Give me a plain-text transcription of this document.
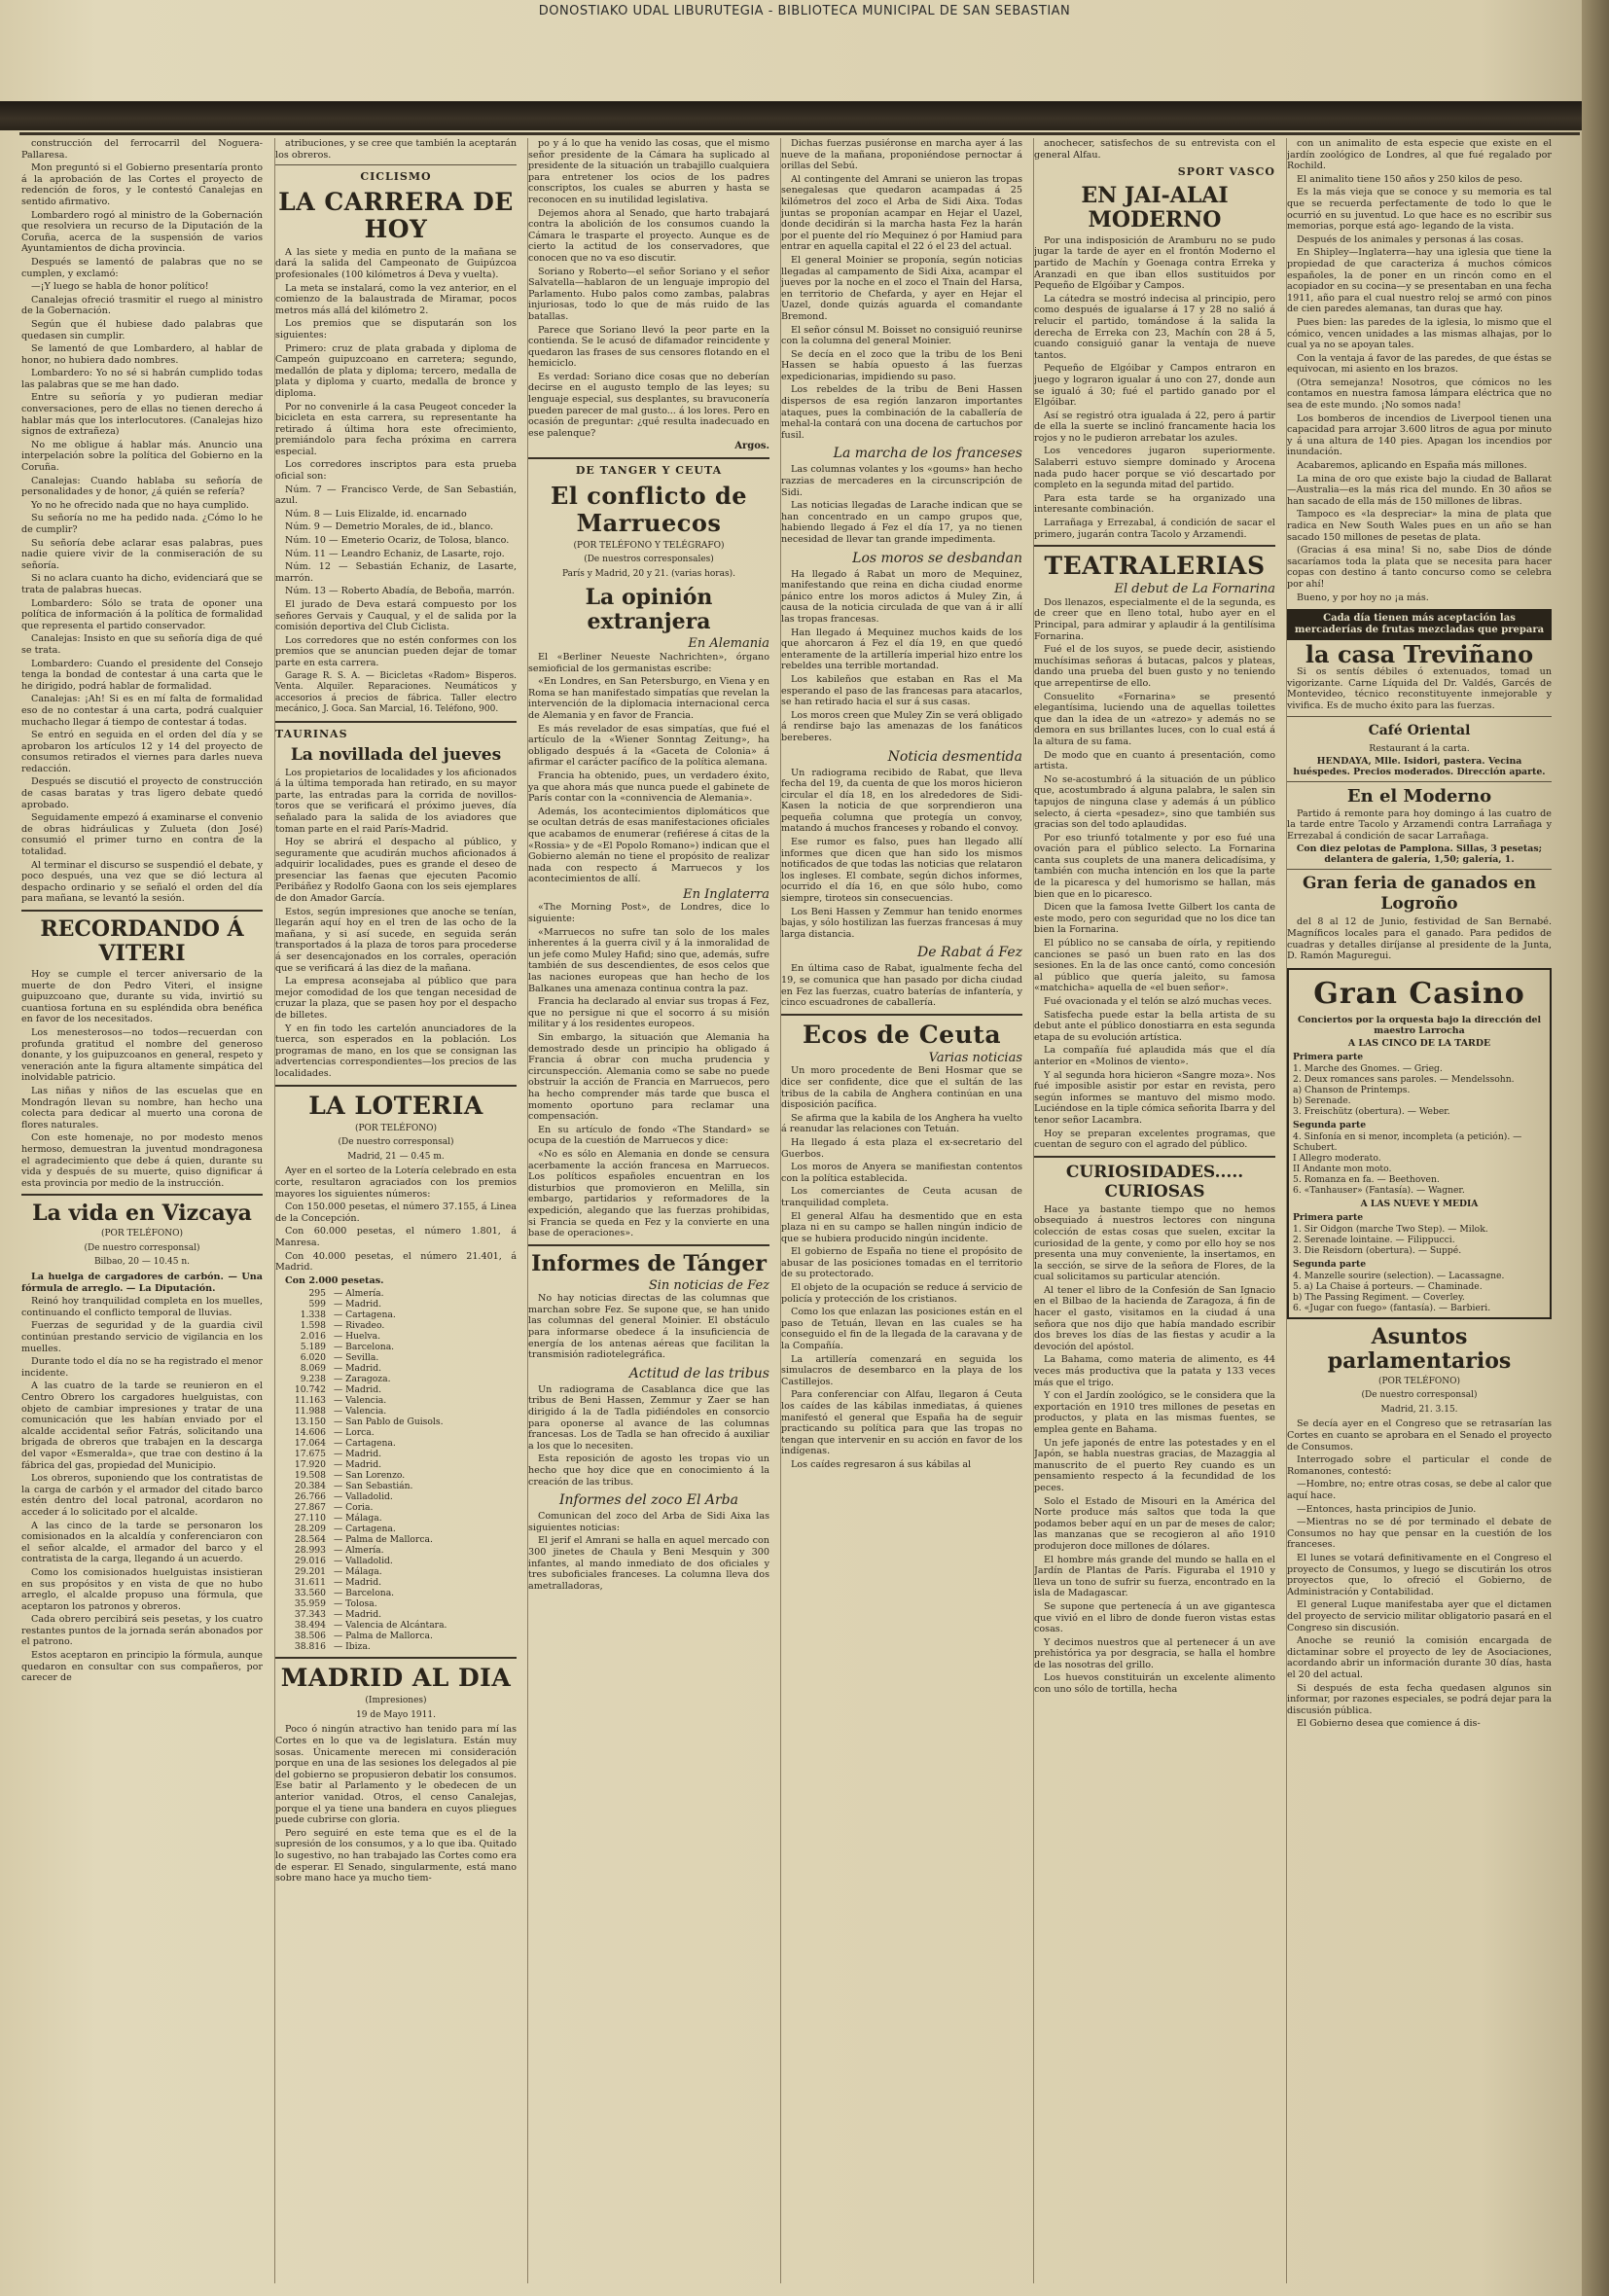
DONOSTIAKO UDAL LIBURUTEGIA - BIBLIOTECA MUNICIPAL DE SAN SEBASTIAN

construcción del ferrocarril del Noguera-Pallaresa.

Mon preguntó si el Gobierno presentaría pronto á la aprobación de las Cortes el proyecto de redención de foros, y le contestó Canalejas en sentido afirmativo.

Lombardero rogó al ministro de la Gobernación que resolviera un recurso de la Diputación de la Coruña, acerca de la suspensión de varios Ayuntamientos de dicha provincia.

Después se lamentó de palabras que no se cumplen, y exclamó:

—¡Y luego se habla de honor político!

Canalejas ofreció trasmitir el ruego al ministro de la Gobernación.

Según que él hubiese dado palabras que quedasen sin cumplir.

Se lamentó de que Lombardero, al hablar de honor, no hubiera dado nombres.

Lombardero: Yo no sé si habrán cumplido todas las palabras que se me han dado.

Entre su señoría y yo pudieran mediar conversaciones, pero de ellas no tienen derecho á hablar más que los interlocutores. (Canalejas hizo signos de extrañeza)

No me obligue á hablar más. Anuncio una interpelación sobre la política del Gobierno en la Coruña.

Canalejas: Cuando hablaba su señoría de personalidades y de honor, ¿á quién se refería?

Yo no he ofrecido nada que no haya cumplido.

Su señoría no me ha pedido nada. ¿Cómo lo he de cumplir?

Su señoría debe aclarar esas palabras, pues nadie quiere vivir de la conmiseración de su señoría.

Si no aclara cuanto ha dicho, evidenciará que se trata de palabras huecas.

Lombardero: Sólo se trata de oponer una política de información á la política de formalidad que representa el partido conservador.

Canalejas: Insisto en que su señoría diga de qué se trata.

Lombardero: Cuando el presidente del Consejo tenga la bondad de contestar á una carta que le he dirigido, podrá hablar de formalidad.

Canalejas: ¡Ah! Si es en mí falta de formalidad eso de no contestar á una carta, podrá cualquier muchacho llegar á tiempo de contestar á todas.

Se entró en seguida en el orden del día y se aprobaron los artículos 12 y 14 del proyecto de consumos retirados el viernes para darles nueva redacción.

Después se discutió el proyecto de construcción de casas baratas y tras ligero debate quedó aprobado.

Seguidamente empezó á examinarse el convenio de obras hidráulicas y Zulueta (don José) consumió el primer turno en contra de la totalidad.

Al terminar el discurso se suspendió el debate, y poco después, una vez que se dió lectura al despacho ordinario y se señaló el orden del día para mañana, se levantó la sesión.

RECORDANDO Á VITERI

Hoy se cumple el tercer aniversario de la muerte de don Pedro Viteri, el insigne guipuzcoano que, durante su vida, invirtió su cuantiosa fortuna en su espléndida obra benéfica en favor de los necesitados.

Los menesterosos—no todos—recuerdan con profunda gratitud el nombre del generoso donante, y los guipuzcoanos en general, respeto y veneración ante la figura altamente simpática del inolvidable patricio.

Las niñas y niños de las escuelas que en Mondragón llevan su nombre, han hecho una colecta para dedicar al muerto una corona de flores naturales.

Con este homenaje, no por modesto menos hermoso, demuestran la juventud mondragonesa el agradecimiento que debe á quien, durante su vida y después de su muerte, quiso dignificar á esta provincia por medio de la instrucción.

La vida en Vizcaya
(POR TELÉFONO)
(De nuestro corresponsal)
Bilbao, 20 — 10.45 n.

La huelga de cargadores de carbón. — Una fórmula de arreglo. — La Diputación.

Reinó hoy tranquilidad completa en los muelles, continuando el conflicto temporal de lluvias.

Fuerzas de seguridad y de la guardia civil continúan prestando servicio de vigilancia en los muelles.

Durante todo el día no se ha registrado el menor incidente.

A las cuatro de la tarde se reunieron en el Centro Obrero los cargadores huelguistas, con objeto de cambiar impresiones y tratar de una comunicación que les habían enviado por el alcalde accidental señor Fatrás, solicitando una brigada de obreros que trabajen en la descarga del vapor «Esmeralda», que trae con destino á la fábrica del gas, propiedad del Municipio.

Los obreros, suponiendo que los contratistas de la carga de carbón y el armador del citado barco estén dentro del local patronal, acordaron no acceder á lo solicitado por el alcalde.

A las cinco de la tarde se personaron los comisionados en la alcaldía y conferenciaron con el señor alcalde, el armador del barco y el contratista de la carga, llegando á un acuerdo.

Como los comisionados huelguistas insistieran en sus propósitos y en vista de que no hubo arreglo, el alcalde propuso una fórmula, que aceptaron los patronos y obreros.

Cada obrero percibirá seis pesetas, y los cuatro restantes puntos de la jornada serán abonados por el patrono.

Estos aceptaron en principio la fórmula, aunque quedaron en consultar con sus compañeros, por carecer de

atribuciones, y se cree que también la aceptarán los obreros.

CICLISMO
LA CARRERA DE HOY

A las siete y media en punto de la mañana se dará la salida del Campeonato de Guipúzcoa profesionales (100 kilómetros á Deva y vuelta).

La meta se instalará, como la vez anterior, en el comienzo de la balaustrada de Miramar, pocos metros más allá del kilómetro 2.

Los premios que se disputarán son los siguientes:

Primero: cruz de plata grabada y diploma de Campeón guipuzcoano en carretera; segundo, medallón de plata y diploma; tercero, medalla de plata y diploma y cuarto, medalla de bronce y diploma.

Por no convenirle á la casa Peugeot conceder la bicicleta en esta carrera, su representante ha retirado á última hora este ofrecimiento, premiándolo para fecha próxima en carrera especial.

Los corredores inscriptos para esta prueba oficial son:

Núm. 7 — Francisco Verde, de San Sebastián, azul.

Núm. 8 — Luis Elizalde, id. encarnado

Núm. 9 — Demetrio Morales, de id., blanco.

Núm. 10 — Emeterio Ocariz, de Tolosa, blanco.

Núm. 11 — Leandro Echaniz, de Lasarte, rojo.

Núm. 12 — Sebastián Echaniz, de Lasarte, marrón.

Núm. 13 — Roberto Abadía, de Beboña, marrón.

El jurado de Deva estará compuesto por los señores Gervais y Cauqual, y el de salida por la comisión deportiva del Club Ciclista.

Los corredores que no estén conformes con los premios que se anuncian pueden dejar de tomar parte en esta carrera.

Garage R. S. A. — Bicicletas «Radom» Bisperos. Venta. Alquiler. Reparaciones. Neumáticos y accesorios á precios de fábrica. Taller electro mecánico, J. Goca. San Marcial, 16. Teléfono, 900.

TAURINAS
La novillada del jueves

Los propietarios de localidades y los aficionados á la última temporada han retirado, en su mayor parte, las entradas para la corrida de novillos-toros que se verificará el próximo jueves, día señalado para la salida de los aviadores que toman parte en el raid París-Madrid.

Hoy se abrirá el despacho al público, y seguramente que acudirán muchos aficionados á adquirir localidades, pues es grande el deseo de presenciar las faenas que ejecuten Pacomio Peribáñez y Rodolfo Gaona con los seis ejemplares de don Amador García.

Estos, según impresiones que anoche se tenían, llegarán aquí hoy en el tren de las ocho de la mañana, y si así sucede, en seguida serán transportados á la plaza de toros para procederse á ser desencajonados en los corrales, operación que se verificará á las diez de la mañana.

La empresa aconsejaba al público que para mejor comodidad de los que tengan necesidad de cruzar la plaza, que se pasen hoy por el despacho de billetes.

Y en fin todo les cartelón anunciadores de la tuerca, son esperados en la población. Los programas de mano, en los que se consignan las advertencias correspondientes—los precios de las localidades.

LA LOTERIA
(POR TELÉFONO)
(De nuestro corresponsal)
Madrid, 21 — 0.45 m.

Ayer en el sorteo de la Lotería celebrado en esta corte, resultaron agraciados con los premios mayores los siguientes números:

Con 150.000 pesetas, el número 37.155, á Linea de la Concepción.

Con 60.000 pesetas, el número 1.801, á Manresa.

Con 40.000 pesetas, el número 21.401, á Madrid.

Con 2.000 pesetas.

295 — Almería.
599 — Madrid.
1.338 — Cartagena.
1.598 — Rivadeo.
2.016 — Huelva.
5.189 — Barcelona.
6.020 — Sevilla.
8.069 — Madrid.
9.238 — Zaragoza.
10.742 — Madrid.
11.163 — Valencia.
11.988 — Valencia.
13.150 — San Pablo de Guisols.
14.606 — Lorca.
17.064 — Cartagena.
17.675 — Madrid.
17.920 — Madrid.
19.508 — San Lorenzo.
20.384 — San Sebastián.
26.766 — Valladolid.
27.867 — Coria.
27.110 — Málaga.
28.209 — Cartagena.
28.564 — Palma de Mallorca.
28.993 — Almería.
29.016 — Valladolid.
29.201 — Málaga.
31.611 — Madrid.
33.560 — Barcelona.
35.959 — Tolosa.
37.343 — Madrid.
38.494 — Valencia de Alcántara.
38.506 — Palma de Mallorca.
38.816 — Ibiza.
MADRID AL DIA
(Impresiones)
19 de Mayo 1911.

Poco ó ningún atractivo han tenido para mí las Cortes en lo que va de legislatura. Están muy sosas. Únicamente merecen mi consideración porque en una de las sesiones los delegados al pie del gobierno se propusieron debatir los consumos. Ese batir al Parlamento y le obedecen de un anterior vanidad. Otros, el censo Canalejas, porque el ya tiene una bandera en cuyos pliegues puede cubrirse con gloria.

Pero seguiré en este tema que es el de la supresión de los consumos, y a lo que iba. Quitado lo sugestivo, no han trabajado las Cortes como era de esperar. El Senado, singularmente, está mano sobre mano hace ya mucho tiem-

po y á lo que ha venido las cosas, que el mismo señor presidente de la Cámara ha suplicado al presidente de la situación un trabajillo cualquiera para entretener los ocios de los padres conscriptos, los cuales se aburren y hasta se reconocen en su inutilidad legislativa.

Dejemos ahora al Senado, que harto trabajará contra la abolición de los consumos cuando la Cámara le trasparte el proyecto. Aunque es de cierto la actitud de los conservadores, que conocen que no va eso discutir.

Soriano y Roberto—el señor Soriano y el señor Salvatella—hablaron de un lenguaje impropio del Parlamento. Hubo palos como zambas, palabras injuriosas, todo lo que de más ruido de las batallas.

Parece que Soriano llevó la peor parte en la contienda. Se le acusó de difamador reincidente y quedaron las frases de sus censores flotando en el hemiciclo.

Es verdad: Soriano dice cosas que no deberían decirse en el augusto templo de las leyes; su lenguaje especial, sus desplantes, su bravuconería pueden parecer de mal gusto... á los lores. Pero en ocasión de preguntar: ¿qué resulta inadecuado en ese palenque?

Argos.
DE TANGER Y CEUTA
El conflicto de Marruecos
(POR TELÉFONO Y TELÉGRAFO)
(De nuestros corresponsales)
París y Madrid, 20 y 21. (varias horas).
La opinión extranjera
En Alemania

El «Berliner Neueste Nachrichten», órgano semioficial de los germanistas escribe:

«En Londres, en San Petersburgo, en Viena y en Roma se han manifestado simpatías que revelan la intervención de la diplomacia internacional cerca de Alemania y en favor de Francia.

Es más revelador de esas simpatías, que fué el artículo de la «Wiener Sonntag Zeitung», ha obligado después á la «Gaceta de Colonia» á afirmar el carácter pacífico de la política alemana.

Francia ha obtenido, pues, un verdadero éxito, ya que ahora más que nunca puede el gabinete de París contar con la «connivencia de Alemania».

Además, los acontecimientos diplomáticos que se ocultan detrás de esas manifestaciones oficiales que acabamos de enumerar (refiérese á citas de la «Rossia» y de «El Popolo Romano») indican que el Gobierno alemán no tiene el propósito de realizar nada con respecto á Marruecos y los acontecimientos de allí.

En Inglaterra

«The Morning Post», de Londres, dice lo siguiente:

«Marruecos no sufre tan solo de los males inherentes á la guerra civil y á la inmoralidad de un jefe como Muley Hafid; sino que, además, sufre también de sus descendientes, de esos celos que las naciones europeas que han hecho de los Balkanes una amenaza continua contra la paz.

Francia ha declarado al enviar sus tropas á Fez, que no persigue ni que el socorro á su misión militar y á los residentes europeos.

Sin embargo, la situación que Alemania ha demostrado desde un principio ha obligado á Francia á obrar con mucha prudencia y circunspección. Alemania como se sabe no puede obstruir la acción de Francia en Marruecos, pero ha hecho comprender más tarde que busca el momento oportuno para reclamar una compensación.

En su artículo de fondo «The Standard» se ocupa de la cuestión de Marruecos y dice:

«No es sólo en Alemania en donde se censura acerbamente la acción francesa en Marruecos. Los políticos españoles encuentran en los disturbios que promovieron en Melilla, sin embargo, partidarios y reformadores de la expedición, alegando que las fuerzas prohibidas, si Francia se queda en Fez y la convierte en una base de operaciones».

Informes de Tánger
Sin noticias de Fez

No hay noticias directas de las columnas que marchan sobre Fez. Se supone que, se han unido las columnas del general Moinier. El obstáculo para informarse obedece á la insuficiencia de energía de los antenas aéreas que facilitan la transmisión radiotelegráfica.

Actitud de las tribus

Un radiograma de Casablanca dice que las tribus de Beni Hassen, Zemmur y Zaer se han dirigido á la de Tadla pidiéndoles en consorcio para oponerse al avance de las columnas francesas. Los de Tadla se han ofrecido á auxiliar a los que lo necesiten.

Esta reposición de agosto les tropas vio un hecho que hoy dice que en conocimiento á la creación de las tribus.

Informes del zoco El Arba

Comunican del zoco del Arba de Sidi Aixa las siguientes noticias:

El jerif el Amrani se halla en aquel mercado con 300 jinetes de Chaula y Beni Mesquin y 300 infantes, al mando inmediato de dos oficiales y tres suboficiales franceses. La columna lleva dos ametralladoras,

Dichas fuerzas pusiéronse en marcha ayer á las nueve de la mañana, proponiéndose pernoctar á orillas del Sebú.

Al contingente del Amrani se unieron las tropas senegalesas que quedaron acampadas á 25 kilómetros del zoco el Arba de Sidi Aixa. Todas juntas se proponían acampar en Hejar el Uazel, donde decidirán si la marcha hasta Fez la harán por el puente del río Mequinez ó por Hamiud para entrar en aquella capital el 22 ó el 23 del actual.

El general Moinier se proponía, según noticias llegadas al campamento de Sidi Aixa, acampar el jueves por la noche en el zoco el Tnain del Harsa, en territorio de Chefarda, y ayer en Hejar el Uazel, donde quizás aguarda el comandante Bremond.

El señor cónsul M. Boisset no consiguió reunirse con la columna del general Moinier.

Se decía en el zoco que la tribu de los Beni Hassen se había opuesto á las fuerzas expedicionarias, impidiendo su paso.

Los rebeldes de la tribu de Beni Hassen dispersos de esa región lanzaron importantes ataques, pues la combinación de la caballería de mehal-la contará con una docena de cartuchos por fusil.

La marcha de los franceses

Las columnas volantes y los «goums» han hecho razzias de mercaderes en la circunscripción de Sidi.

Las noticias llegadas de Larache indican que se han concentrado en un campo grupos que, habiendo llegado á Fez el día 17, ya no tienen necesidad de llevar tan grande impedimenta.

Los moros se desbandan

Ha llegado á Rabat un moro de Mequinez, manifestando que reina en dicha ciudad enorme pánico entre los moros adictos á Muley Zin, á causa de la noticia circulada de que van á ir allí las tropas francesas.

Han llegado á Mequinez muchos kaids de los que ahorcaron á Fez el día 19, en que quedó enteramente de la artillería imperial hizo entre los rebeldes una terrible mortandad.

Los kabileños que estaban en Ras el Ma esperando el paso de las francesas para atacarlos, se han retirado hacia el sur á sus casas.

Los moros creen que Muley Zin se verá obligado á rendirse bajo las amenazas de los fanáticos bereberes.

Noticia desmentida

Un radiograma recibido de Rabat, que lleva fecha del 19, da cuenta de que los moros hicieron circular el día 18, en los alrededores de Sidi-Kasen la noticia de que sorprendieron una pequeña columna que protegía un convoy, matando á muchos franceses y robando el convoy.

Ese rumor es falso, pues han llegado allí informes que dicen que han sido los mismos notificados de que todas las noticias que relataron los ingleses. El combate, según dichos informes, ocurrido el día 16, en que sólo hubo, como siempre, tiroteos sin consecuencias.

Los Beni Hassen y Zemmur han tenido enormes bajas, y sólo hostilizan las fuerzas francesas á muy larga distancia.

De Rabat á Fez

En última caso de Rabat, igualmente fecha del 19, se comunica que han pasado por dicha ciudad en Fez las fuerzas, cuatro baterías de infantería, y cinco escuadrones de caballería.

Ecos de Ceuta
Varias noticias

Un moro procedente de Beni Hosmar que se dice ser confidente, dice que el sultán de las tribus de la cabila de Anghera continúan en una disposición pacífica.

Se afirma que la kabila de los Anghera ha vuelto á reanudar las relaciones con Tetuán.

Ha llegado á esta plaza el ex-secretario del Guerbos.

Los moros de Anyera se manifiestan contentos con la política establecida.

Los comerciantes de Ceuta acusan de tranquilidad completa.

El general Alfau ha desmentido que en esta plaza ni en su campo se hallen ningún indicio de que se hubiera producido ningún incidente.

El gobierno de España no tiene el propósito de abusar de las posiciones tomadas en el territorio de su protectorado.

El objeto de la ocupación se reduce á servicio de policía y protección de los cristianos.

Como los que enlazan las posiciones están en el paso de Tetuán, llevan en las cuales se ha conseguido el fin de la llegada de la caravana y de la Compañía.

La artillería comenzará en seguida los simulacros de desembarco en la playa de los Castillejos.

Para conferenciar con Alfau, llegaron á Ceuta los caídes de las kábilas inmediatas, á quienes manifestó el general que España ha de seguir practicando su política para que las tropas no tengan que intervenir en su acción en favor de los indígenas.

Los caídes regresaron á sus kábilas al

anochecer, satisfechos de su entrevista con el general Alfau.

SPORT VASCO
EN JAI-ALAI MODERNO

Por una indisposición de Aramburu no se pudo jugar la tarde de ayer en el frontón Moderno el partido de Machín y Goenaga contra Erreka y Aranzadi en que iban ellos sustituidos por Pequeño de Elgóibar y Campos.

La cátedra se mostró indecisa al principio, pero como después de igualarse á 17 y 28 no salió á relucir el partido, tomándose á la salida la derecha de Erreka con 23, Machín con 28 á 5, cuando consiguió ganar la ventaja de nueve tantos.

Pequeño de Elgóibar y Campos entraron en juego y lograron igualar á uno con 27, donde aun se igualó á 30; fué el partido ganado por el Elgóibar.

Así se registró otra igualada á 22, pero á partir de ella la suerte se inclinó francamente hacia los rojos y no le pudieron arrebatar los azules.

Los vencedores jugaron superiormente. Salaberri estuvo siempre dominado y Arocena nada pudo hacer porque se vió descartado por completo en la segunda mitad del partido.

Para esta tarde se ha organizado una interesante combinación.

Larrañaga y Errezabal, á condición de sacar el primero, jugarán contra Tacolo y Arzamendi.

TEATRALERIAS
El debut de La Fornarina

Dos llenazos, especialmente el de la segunda, es de creer que en lleno total, hubo ayer en el Principal, para admirar y aplaudir á la gentilísima Fornarina.

Fué el de los suyos, se puede decir, asistiendo muchísimas señoras á butacas, palcos y plateas, dando una prueba del buen gusto y no teniendo que arrepentirse de ello.

Consuelito «Fornarina» se presentó elegantísima, luciendo una de aquellas toilettes que dan la idea de un «atrezo» y además no se demora en sus brillantes luces, con lo cual está á la altura de su fama.

De modo que en cuanto á presentación, como artista.

No se-acostumbró á la situación de un público que, acostumbrado á alguna palabra, le salen sin tapujos de ninguna clase y además á un público selecto, á cierta «pesadez», sino que también sus gracias son del todo aplaudidas.

Por eso triunfó totalmente y por eso fué una ovación para el público selecto. La Fornarina canta sus couplets de una manera delicadísima, y también con mucha intención en los que la parte de la picaresca y del humorismo se hallan, más bien que en lo picaresco.

Dicen que la famosa Ivette Gilbert los canta de este modo, pero con seguridad que no los dice tan bien la Fornarina.

El público no se cansaba de oírla, y repitiendo canciones se pasó un buen rato en las dos sesiones. En la de las once cantó, como concesión al público que quería jaleito, su famosa «matchicha» aquella de «el buen señor».

Fué ovacionada y el telón se alzó muchas veces.

Satisfecha puede estar la bella artista de su debut ante el público donostiarra en esta segunda etapa de su evolución artística.

La compañía fué aplaudida más que el día anterior en «Molinos de viento».

Y al segunda hora hicieron «Sangre moza». Nos fué imposible asistir por estar en revista, pero según informes se mantuvo del mismo modo. Luciéndose en la tiple cómica señorita Ibarra y del tenor señor Lacambra.

Hoy se preparan excelentes programas, que cuentan de seguro con el agrado del público.

CURIOSIDADES..... CURIOSAS

Hace ya bastante tiempo que no hemos obsequiado á nuestros lectores con ninguna colección de estas cosas que suelen, excitar la curiosidad de la gente, y como por ello hoy se nos presenta una muy conveniente, la insertamos, en la sección, se sirve de la señora de Flores, de la cual solicitamos su particular atención.

Al tener el libro de la Confesión de San Ignacio en el Bilbao de la hacienda de Zaragoza, á fin de hacer el gasto, visitamos en la ciudad á una señora que nos dijo que había mandado escribir dos breves los días de las fiestas y acudir a la devoción del apóstol.

La Bahama, como materia de alimento, es 44 veces más productiva que la patata y 133 veces más que el trigo.

Y con el Jardín zoológico, se le considera que la exportación en 1910 tres millones de pesetas en productos, y plata en las mismas fuentes, se emplea gente en Bahama.

Un jefe japonés de entre las potestades y en el Japón, se habla nuestras gracias, de Mazaggia al manuscrito de el puerto Rey cuando es un pensamiento respecto á la fecundidad de los peces.

Solo el Estado de Misouri en la América del Norte produce más saltos que toda la que podamos beber aquí en un par de meses de calor; las manzanas que se recogieron al año 1910 produjeron doce millones de dólares.

El hombre más grande del mundo se halla en el Jardín de Plantas de París. Figuraba el 1910 y lleva un tono de sufrir su fuerza, encontrado en la isla de Madagascar.

Se supone que pertenecía á un ave gigantesca que vivió en el libro de donde fueron vistas estas cosas.

Y decimos nuestros que al pertenecer á un ave prehistórica ya por desgracia, se halla el hombre de las nosotras del grillo.

Los huevos constituirán un excelente alimento con uno sólo de tortilla, hecha

con un animalito de esta especie que existe en el jardín zoológico de Londres, al que fué regalado por Rochild.

El animalito tiene 150 años y 250 kilos de peso.

Es la más vieja que se conoce y su memoria es tal que se recuerda perfectamente de todo lo que le ocurrió en su juventud. Lo que hace es no escribir sus memorias, porque está ago- legando de la vista.

Después de los animales y personas á las cosas.

En Shipley—Inglaterra—hay una iglesia que tiene la propiedad de que caracteriza á muchos cómicos españoles, la de poner en un rincón como en el acopiador en su cocina—y se presentaban en una fecha 1911, año para el cual nuestro reloj se armó con pinos de cien paredes alemanas, tan duras que hay.

Pues bien: las paredes de la iglesia, lo mismo que el cómico, vencen unidades a las mismas alhajas, por lo cual ya no se apoyan tales.

Con la ventaja á favor de las paredes, de que éstas se equivocan, mi asiento en los brazos.

(Otra semejanza! Nosotros, que cómicos no les contamos en nuestra famosa lámpara eléctrica que no sea de este mundo. ¡No somos nada!

Los bomberos de incendios de Liverpool tienen una capacidad para arrojar 3.600 litros de agua por minuto y á una altura de 140 pies. Apagan los incendios por inundación.

Acabaremos, aplicando en España más millones.

La mina de oro que existe bajo la ciudad de Ballarat—Australia—es la más rica del mundo. En 30 años se han sacado de ella más de 150 millones de libras.

Tampoco es «la despreciar» la mina de plata que radica en New South Wales pues en un año se han sacado 150 millones de pesetas de plata.

(Gracias á esa mina! Si no, sabe Dios de dónde sacaríamos toda la plata que se necesita para hacer copas con destino á tanto concurso como se celebra por ahí!

Bueno, y por hoy no ¡a más.

Cada día tienen más aceptación las mercaderías de frutas mezcladas que prepara
la casa Treviñano

Si os sentís débiles ó extenuados, tomad un vigorizante. Carne Líquida del Dr. Valdés, Garcés de Montevideo, técnico reconstituyente inmejorable y vivifica. Es de mucho éxito para las fuerzas.

Café Oriental
Restaurant á la carta.
HENDAYA, Mlle. Isidori, pastera. Vecina huéspedes. Precios moderados. Dirección aparte.
En el Moderno

Partido á remonte para hoy domingo á las cuatro de la tarde entre Tacolo y Arzamendi contra Larrañaga y Errezabal á condición de sacar Larrañaga.

Con diez pelotas de Pamplona. Sillas, 3 pesetas; delantera de galería, 1,50; galería, 1.
Gran feria de ganados en Logroño

del 8 al 12 de Junio, festividad de San Bernabé. Magníficos locales para el ganado. Para pedidos de cuadras y detalles diríjanse al presidente de la Junta, D. Ramón Maguregui.

Gran Casino
Conciertos por la orquesta bajo la dirección del maestro Larrocha
A LAS CINCO DE LA TARDE
Primera parte
1. Marche des Gnomes. — Grieg.
2. Deux romances sans paroles. — Mendelssohn.
a) Chanson de Printemps.
b) Serenade.
3. Freischütz (obertura). — Weber.
Segunda parte
4. Sinfonía en si menor, incompleta (a petición). — Schubert.
I Allegro moderato.
II Andante mon moto.
5. Romanza en fa. — Beethoven.
6. «Tanhauser» (Fantasía). — Wagner.
A LAS NUEVE Y MEDIA
Primera parte
1. Sir Oidgon (marche Two Step). — Milok.
2. Serenade lointaine. — Filippucci.
3. Die Reisdorn (obertura). — Suppé.
Segunda parte
4. Manzelle sourire (selection). — Lacassagne.
5. a) La Chaise á porteurs. — Chaminade.
b) The Passing Regiment. — Coverley.
6. «Jugar con fuego» (fantasía). — Barbieri.
Asuntos parlamentarios
(POR TELÉFONO)
(De nuestro corresponsal)
Madrid, 21. 3.15.

Se decía ayer en el Congreso que se retrasarían las Cortes en cuanto se aprobara en el Senado el proyecto de Consumos.

Interrogado sobre el particular el conde de Romanones, contestó:

—Hombre, no; entre otras cosas, se debe al calor que aquí hace.

—Entonces, hasta principios de Junio.

—Mientras no se dé por terminado el debate de Consumos no hay que pensar en la cuestión de los franceses.

El lunes se votará definitivamente en el Congreso el proyecto de Consumos, y luego se discutirán los otros proyectos que, lo ofreció el Gobierno, de Administración y Contabilidad.

El general Luque manifestaba ayer que el dictamen del proyecto de servicio militar obligatorio pasará en el Congreso sin discusión.

Anoche se reunió la comisión encargada de dictaminar sobre el proyecto de ley de Asociaciones, acordando abrir un información durante 30 días, hasta el 20 del actual.

Si después de esta fecha quedasen algunos sin informar, por razones especiales, se podrá dejar para la discusión pública.

El Gobierno desea que comience á dis-
